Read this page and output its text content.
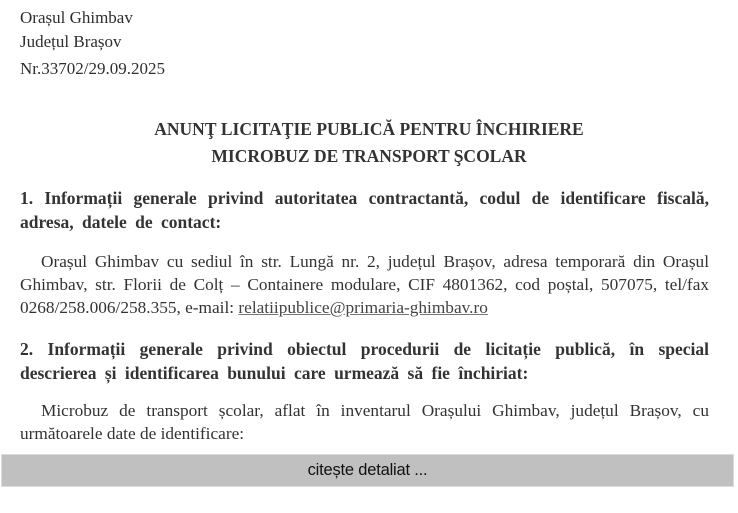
Orașul Ghimbav
Județul Brașov
Nr.33702/29.09.2025
ANUNŢ LICITAŢIE PUBLICĂ PENTRU ÎNCHIRIERE
MICROBUZ DE TRANSPORT ŞCOLAR
1. Informații generale privind autoritatea contractantă, codul de identificare fiscală, adresa, datele de contact:
Orașul Ghimbav cu sediul în str. Lungă nr. 2, județul Brașov, adresa temporară din Orașul Ghimbav, str. Florii de Colț – Containere modulare, CIF 4801362, cod poștal, 507075, tel/fax 0268/258.006/258.355, e-mail: relatiipublice@primaria-ghimbav.ro
2. Informații generale privind obiectul procedurii de licitație publică, în special descrierea și identificarea bunului care urmează să fie închiriat:
Microbuz de transport școlar, aflat în inventarul Orașului Ghimbav, județul Brașov, cu următoarele date de identificare:
citește detaliat ...
